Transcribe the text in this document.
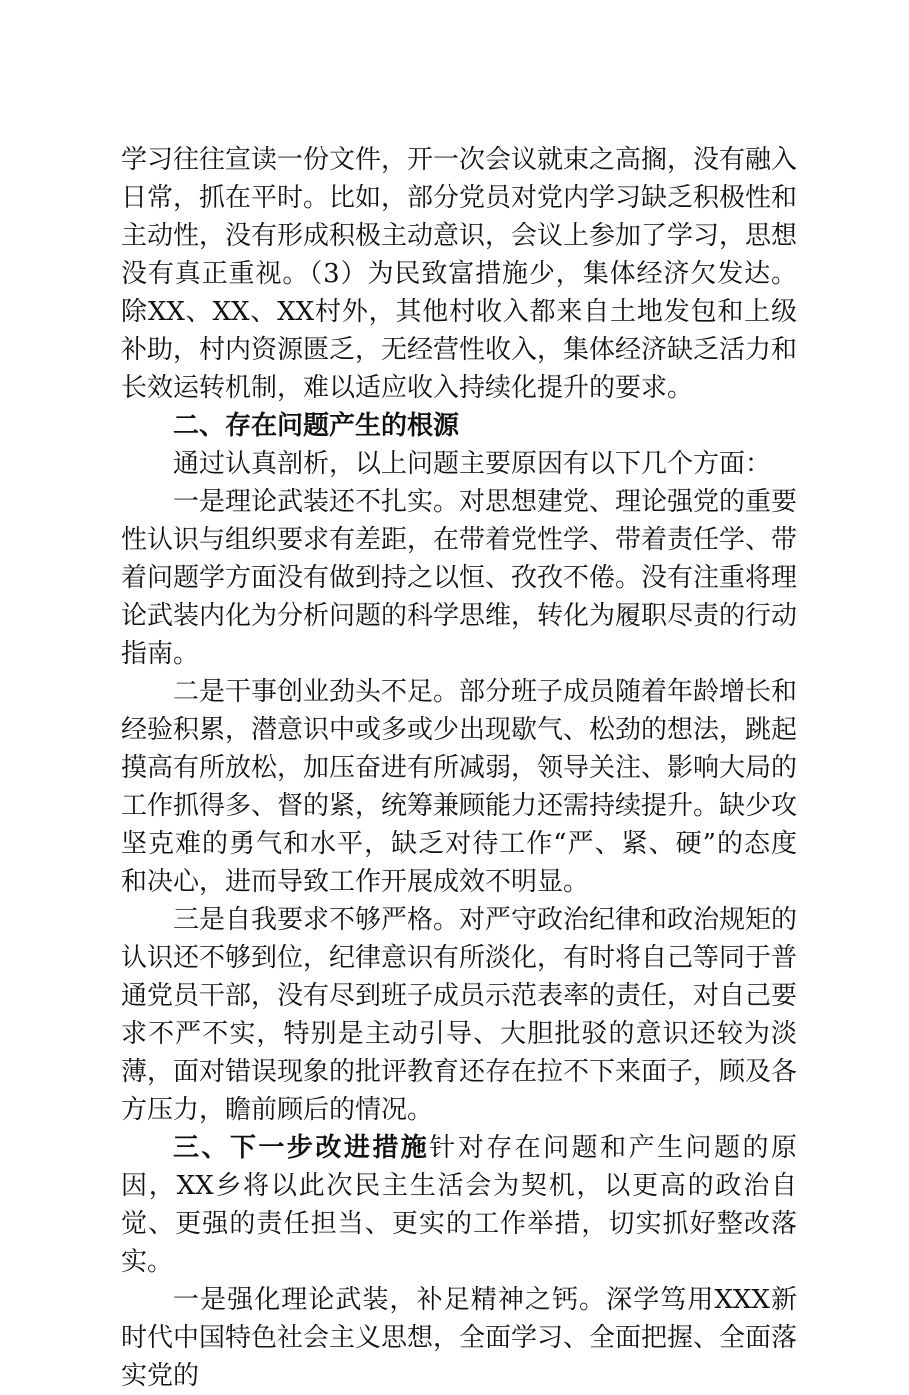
学习往往宣读一份文件，开一次会议就束之高搁，没有融入日常，抓在平时。比如，部分党员对党内学习缺乏积极性和主动性，没有形成积极主动意识，会议上参加了学习，思想没有真正重视。（3）为民致富措施少，集体经济欠发达。除XX、XX、XX村外，其他村收入都来自土地发包和上级补助，村内资源匮乏，无经营性收入，集体经济缺乏活力和长效运转机制，难以适应收入持续化提升的要求。

二、存在问题产生的根源

通过认真剖析，以上问题主要原因有以下几个方面：

一是理论武装还不扎实。对思想建党、理论强党的重要性认识与组织要求有差距，在带着党性学、带着责任学、带着问题学方面没有做到持之以恒、孜孜不倦。没有注重将理论武装内化为分析问题的科学思维，转化为履职尽责的行动指南。

二是干事创业劲头不足。部分班子成员随着年龄增长和经验积累，潜意识中或多或少出现歇气、松劲的想法，跳起摸高有所放松，加压奋进有所减弱，领导关注、影响大局的工作抓得多、督的紧，统筹兼顾能力还需持续提升。缺少攻坚克难的勇气和水平，缺乏对待工作“严、紧、硬”的态度和决心，进而导致工作开展成效不明显。

三是自我要求不够严格。对严守政治纪律和政治规矩的认识还不够到位，纪律意识有所淡化，有时将自己等同于普通党员干部，没有尽到班子成员示范表率的责任，对自己要求不严不实，特别是主动引导、大胆批驳的意识还较为淡薄，面对错误现象的批评教育还存在拉不下来面子，顾及各方压力，瞻前顾后的情况。

三、下一步改进措施针对存在问题和产生问题的原因，XX乡将以此次民主生活会为契机，以更高的政治自觉、更强的责任担当、更实的工作举措，切实抓好整改落实。

一是强化理论武装，补足精神之钙。深学笃用XXX新时代中国特色社会主义思想，全面学习、全面把握、全面落实党的
